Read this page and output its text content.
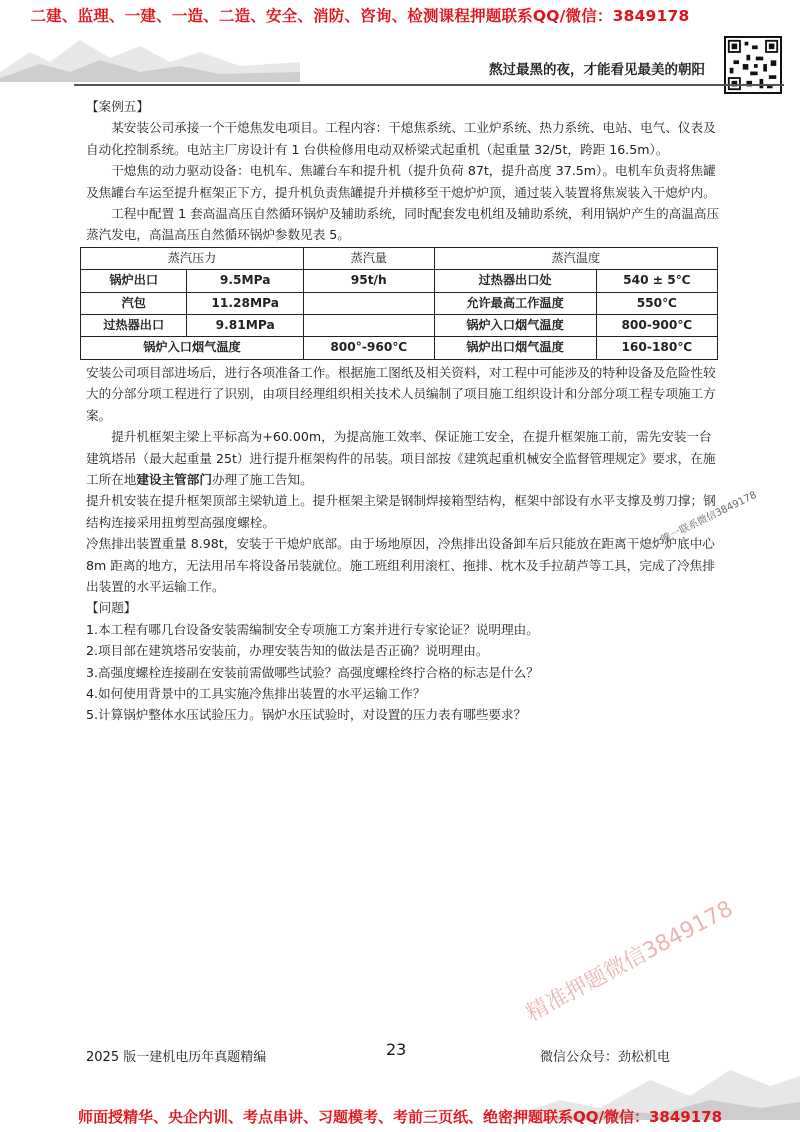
二建、监理、一建、一造、二造、安全、消防、咨询、检测课程押题联系QQ/微信：3849178
熬过最黑的夜，才能看见最美的朝阳

【案例五】

某安装公司承接一个干熄焦发电项目。工程内容：干熄焦系统、工业炉系统、热力系统、电站、电气、仪表及自动化控制系统。电站主厂房设计有 1 台供检修用电动双桥梁式起重机（起重量 32/5t，跨距 16.5m）。

干熄焦的动力驱动设备：电机车、焦罐台车和提升机（提升负荷 87t，提升高度 37.5m）。电机车负责将焦罐及焦罐台车运至提升框架正下方，提升机负责焦罐提升并横移至干熄炉炉顶，通过装入装置将焦炭装入干熄炉内。

工程中配置 1 套高温高压自然循环锅炉及辅助系统，同时配套发电机组及辅助系统，利用锅炉产生的高温高压蒸汽发电，高温高压自然循环锅炉参数见表 5。

蒸汽压力		蒸汽量	蒸汽温度	
锅炉出口	9.5MPa	95t/h	过热器出口处	540 ± 5℃
汽包	11.28MPa		允许最高工作温度	550℃
过热器出口	9.81MPa		锅炉入口烟气温度	800-900℃
锅炉入口烟气温度		800°-960℃	锅炉出口烟气温度	160-180℃

安装公司项目部进场后，进行各项准备工作。根据施工图纸及相关资料，对工程中可能涉及的特种设备及危险性较大的分部分项工程进行了识别，由项目经理组织相关技术人员编制了项目施工组织设计和分部分项工程专项施工方案。

提升机框架主梁上平标高为+60.00m，为提高施工效率、保证施工安全，在提升框架施工前，需先安装一台建筑塔吊（最大起重量 25t）进行提升框架构件的吊装。项目部按《建筑起重机械安全监督管理规定》要求，在施工所在地建设主管部门办理了施工告知。

提升机安装在提升框架顶部主梁轨道上。提升框架主梁是钢制焊接箱型结构，框架中部设有水平支撑及剪刀撑；钢结构连接采用扭剪型高强度螺栓。

冷焦排出装置重量 8.98t，安装于干熄炉底部。由于场地原因，冷焦排出设备卸车后只能放在距离干熄炉炉底中心 8m 距离的地方，无法用吊车将设备吊装就位。施工班组利用滚杠、拖排、枕木及手拉葫芦等工具，完成了冷焦排出装置的水平运输工作。

【问题】

1.本工程有哪几台设备安装需编制安全专项施工方案并进行专家论证？说明理由。

2.项目部在建筑塔吊安装前，办理安装告知的做法是否正确？说明理由。

3.高强度螺栓连接副在安装前需做哪些试验？高强度螺栓终拧合格的标志是什么？

4.如何使用背景中的工具实施冷焦排出装置的水平运输工作？

5.计算锅炉整体水压试验压力。锅炉水压试验时，对设置的压力表有哪些要求？

唯一联系微信3849178
精准押题微信3849178
2025 版一建机电历年真题精编	23	微信公众号：劲松机电
师面授精华、央企内训、考点串讲、习题模考、考前三页纸、绝密押题联系QQ/微信：3849178
